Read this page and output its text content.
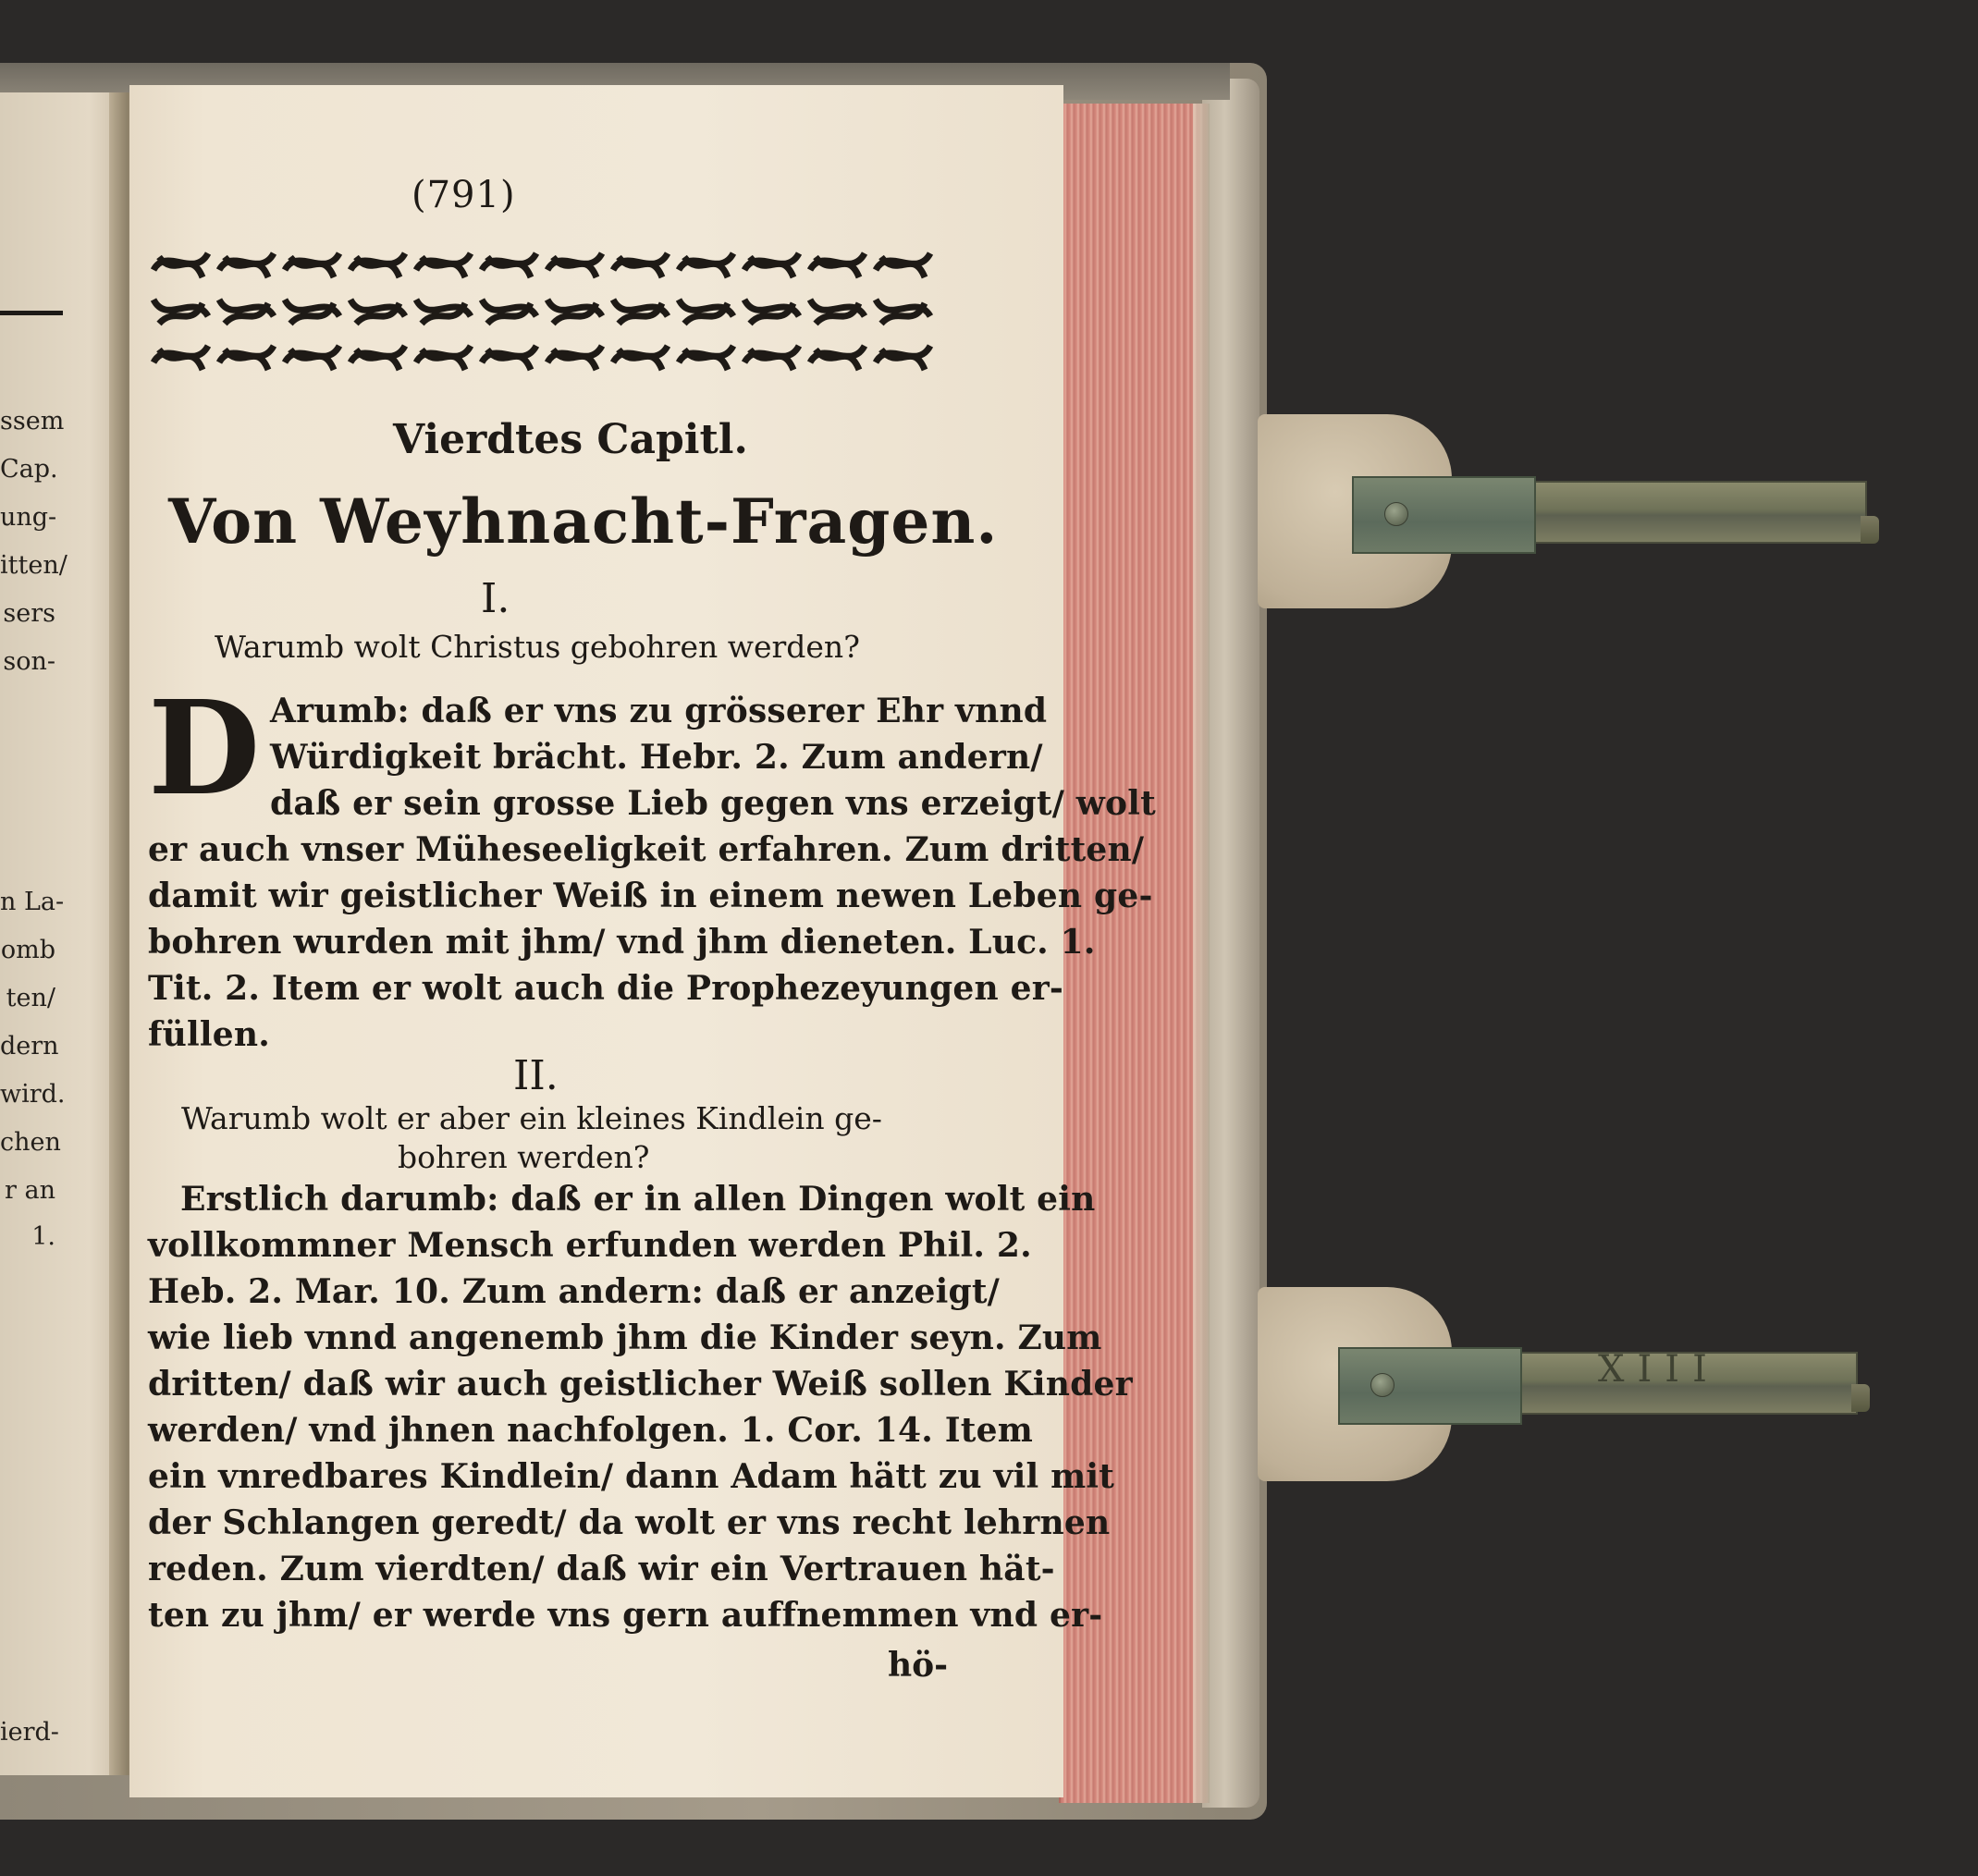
ssem
Cap.
ung-
itten/
sers
son-
n La-
omb
ten/
dern
wird.
chen
r an
1.
ierd-
(791)
Vierdtes Capitl.
Von Weyhnacht-Fragen.
I.
Warumb wolt Christus gebohren werden?
D Arumb: daß er vns zu grösserer Ehr vnnd
Würdigkeit brächt. Hebr. 2. Zum andern/
daß er sein grosse Lieb gegen vns erzeigt/ wolt
er auch vnser Müheseeligkeit erfahren. Zum dritten/
damit wir geistlicher Weiß in einem newen Leben ge-
bohren wurden mit jhm/ vnd jhm dieneten. Luc. 1.
Tit. 2. Item er wolt auch die Prophezeyungen er-
füllen.
II.
Warumb wolt er aber ein kleines Kindlein ge-
bohren werden?
Erstlich darumb: daß er in allen Dingen wolt ein
vollkommner Mensch erfunden werden Phil. 2.
Heb. 2. Mar. 10. Zum andern: daß er anzeigt/
wie lieb vnnd angenemb jhm die Kinder seyn. Zum
dritten/ daß wir auch geistlicher Weiß sollen Kinder
werden/ vnd jhnen nachfolgen. 1. Cor. 14. Item
ein vnredbares Kindlein/ dann Adam hätt zu vil mit
der Schlangen geredt/ da wolt er vns recht lehrnen
reden. Zum vierdten/ daß wir ein Vertrauen hät-
ten zu jhm/ er werde vns gern auffnemmen vnd er-
hö-
XIII
